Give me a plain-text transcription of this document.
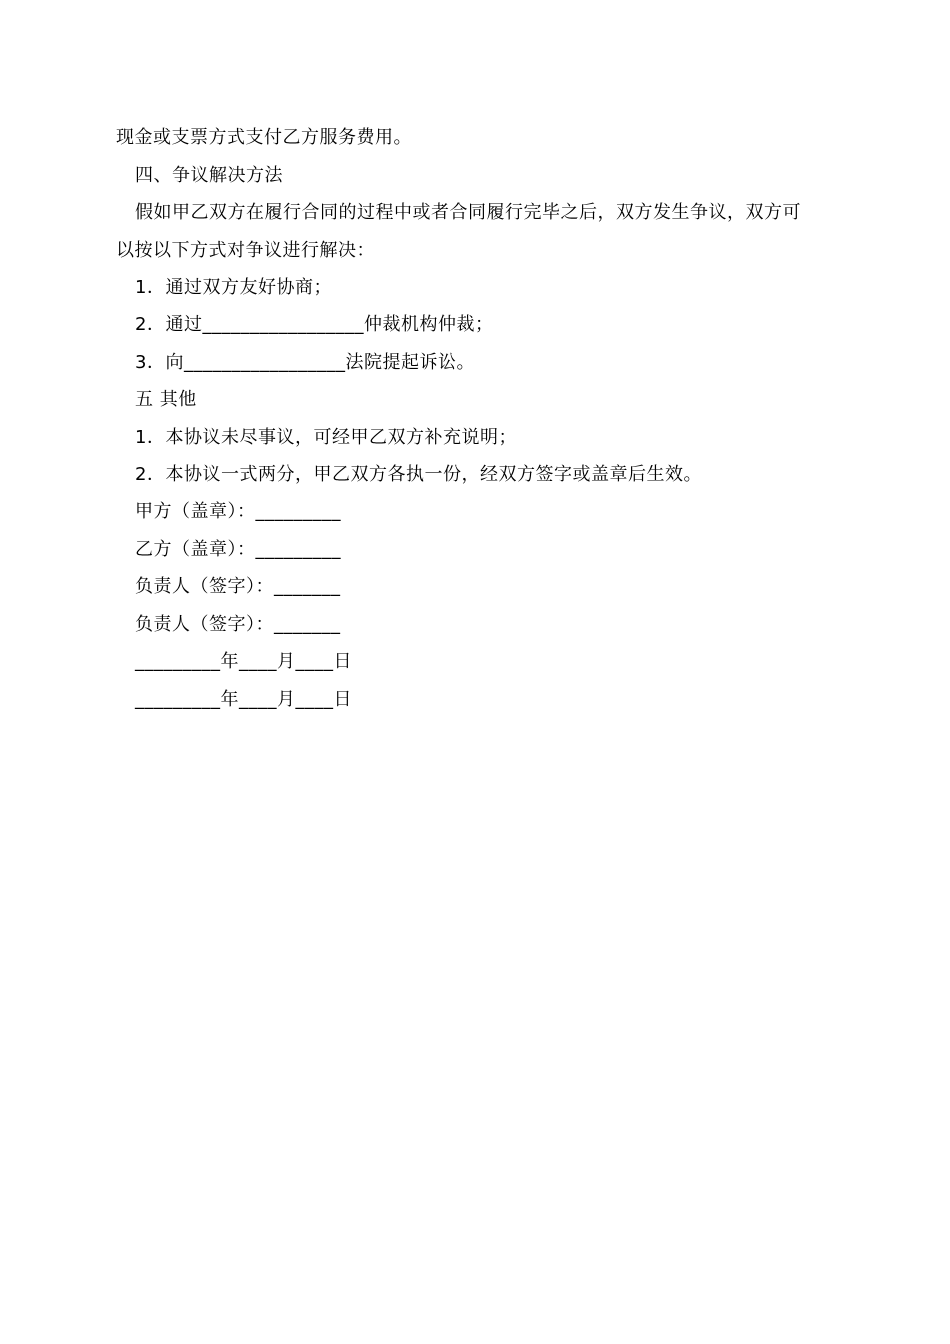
现金或支票方式支付乙方服务费用。
四、争议解决方法
假如甲乙双方在履行合同的过程中或者合同履行完毕之后，双方发生争议，双方可
以按以下方式对争议进行解决：
1．通过双方友好协商；
2．通过_________________仲裁机构仲裁；
3．向_________________法院提起诉讼。
五 其他
1．本协议未尽事议，可经甲乙双方补充说明；
2．本协议一式两分，甲乙双方各执一份，经双方签字或盖章后生效。
甲方（盖章）：_________
乙方（盖章）：_________
负责人（签字）：_______
负责人（签字）：_______
_________年____月____日
_________年____月____日
